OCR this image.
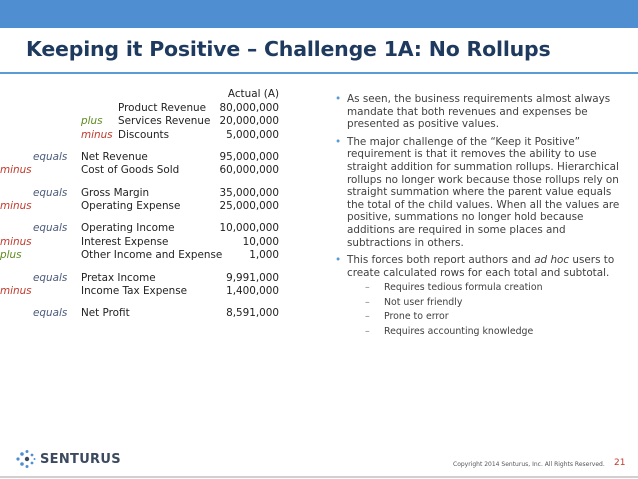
Keeping it Positive – Challenge 1A: No Rollups
Actual (A)
Product Revenue 80,000,000
plus Services Revenue 20,000,000
minus Discounts	5,000,000
equals Net Revenue	95,000,000
minus	Cost of Goods Sold	60,000,000
equals Gross Margin	35,000,000
minus	Operating Expense	25,000,000
equals Operating Income	10,000,000
minus	Interest Expense	10,000
plus	Other Income and Expense	1,000
equals Pretax Income	9,991,000
minus	Income Tax Expense	1,400,000
equals Net Profit	8,591,000
• As seen, the business requirements almost always mandate that both revenues and expenses be presented as positive values.
• The major challenge of the “Keep it Positive” requirement is that it removes the ability to use straight addition for summation rollups. Hierarchical rollups no longer work because those rollups rely on straight summation where the parent value equals the total of the child values. When all the values are positive, summations no longer hold because additions are required in some places and subtractions in others.
• This forces both report authors and ad hoc users to create calculated rows for each total and subtotal.
– Requires tedious formula creation
– Not user friendly
– Prone to error
– Requires accounting knowledge
SENTURUS	Copyright 2014 Senturus, Inc. All Rights Reserved. 21
